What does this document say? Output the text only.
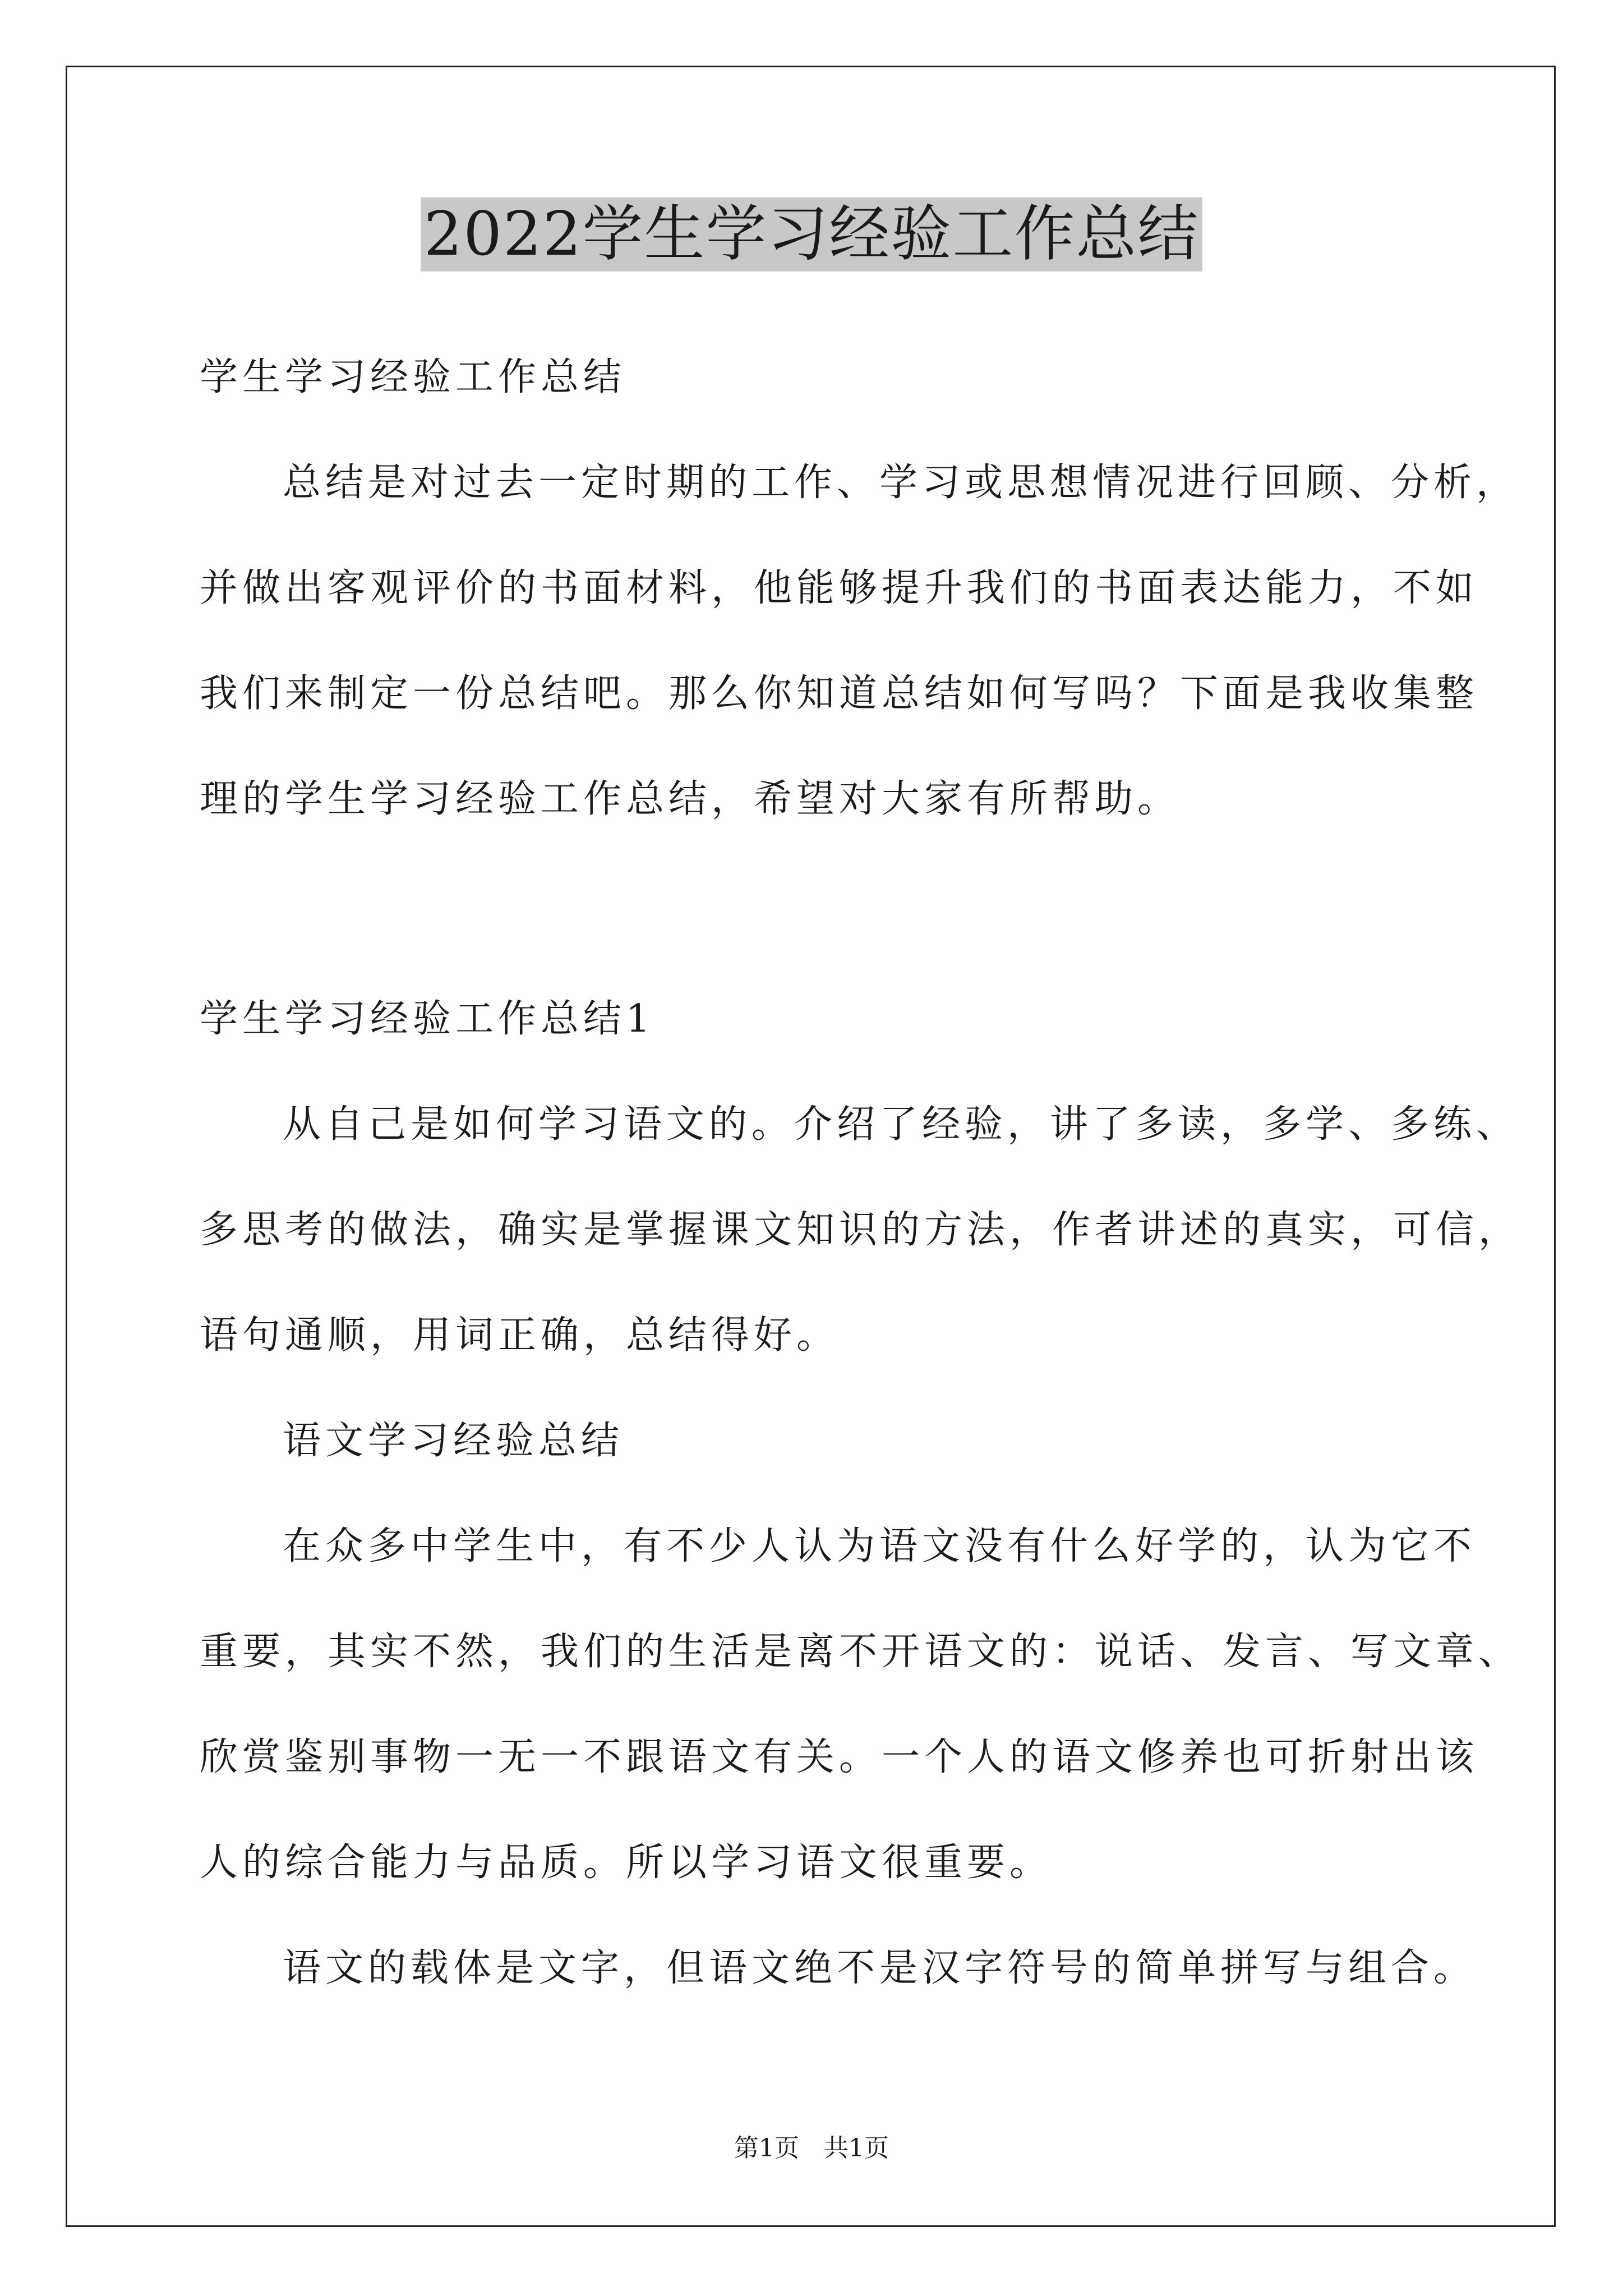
2022学生学习经验工作总结
学生学习经验工作总结
总结是对过去一定时期的工作、学习或思想情况进行回顾、分析，
并做出客观评价的书面材料，他能够提升我们的书面表达能力，不如
我们来制定一份总结吧。那么你知道总结如何写吗？下面是我收集整
理的学生学习经验工作总结，希望对大家有所帮助。
学生学习经验工作总结1
从自己是如何学习语文的。介绍了经验，讲了多读，多学、多练、
多思考的做法，确实是掌握课文知识的方法，作者讲述的真实，可信，
语句通顺，用词正确，总结得好。
语文学习经验总结
在众多中学生中，有不少人认为语文没有什么好学的，认为它不
重要，其实不然，我们的生活是离不开语文的：说话、发言、写文章、
欣赏鉴别事物一无一不跟语文有关。一个人的语文修养也可折射出该
人的综合能力与品质。所以学习语文很重要。
语文的载体是文字，但语文绝不是汉字符号的简单拼写与组合。
第1页　共1页
